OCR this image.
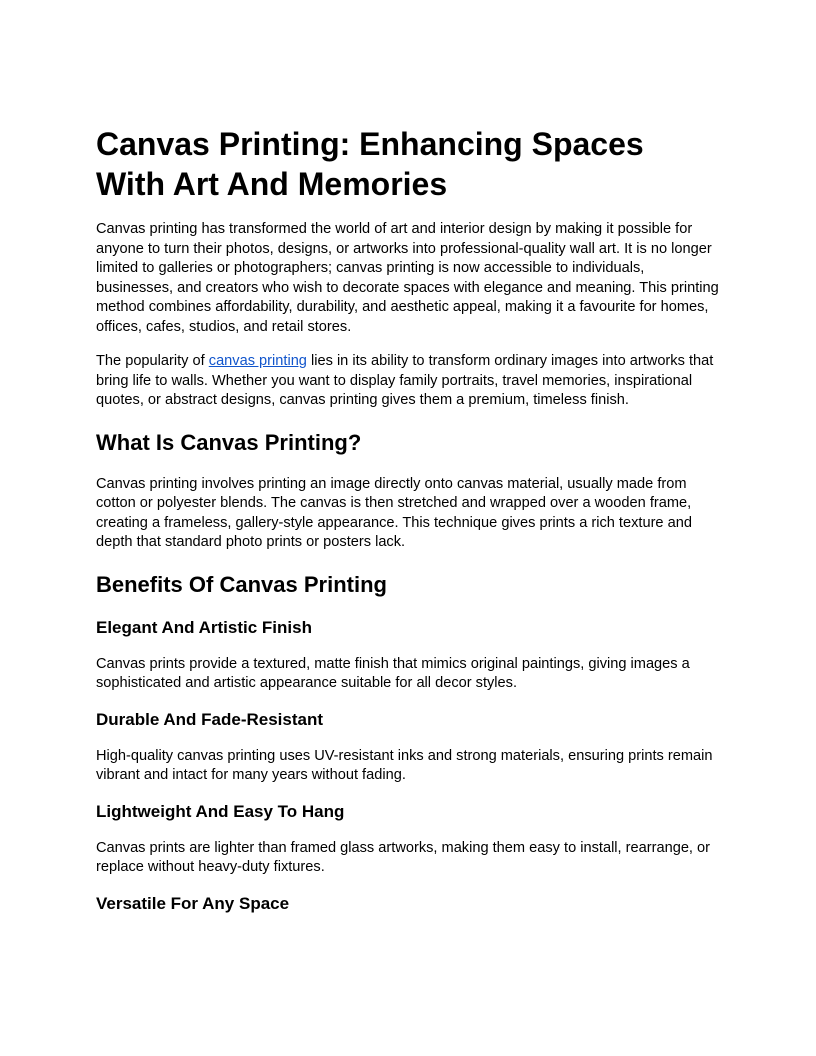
Canvas Printing: Enhancing Spaces With Art And Memories

Canvas printing has transformed the world of art and interior design by making it possible for anyone to turn their photos, designs, or artworks into professional-quality wall art. It is no longer limited to galleries or photographers; canvas printing is now accessible to individuals, businesses, and creators who wish to decorate spaces with elegance and meaning. This printing method combines affordability, durability, and aesthetic appeal, making it a favourite for homes, offices, cafes, studios, and retail stores.

The popularity of canvas printing lies in its ability to transform ordinary images into artworks that bring life to walls. Whether you want to display family portraits, travel memories, inspirational quotes, or abstract designs, canvas printing gives them a premium, timeless finish.

What Is Canvas Printing?

Canvas printing involves printing an image directly onto canvas material, usually made from cotton or polyester blends. The canvas is then stretched and wrapped over a wooden frame, creating a frameless, gallery-style appearance. This technique gives prints a rich texture and depth that standard photo prints or posters lack.

Benefits Of Canvas Printing
Elegant And Artistic Finish

Canvas prints provide a textured, matte finish that mimics original paintings, giving images a sophisticated and artistic appearance suitable for all decor styles.

Durable And Fade-Resistant

High-quality canvas printing uses UV-resistant inks and strong materials, ensuring prints remain vibrant and intact for many years without fading.

Lightweight And Easy To Hang

Canvas prints are lighter than framed glass artworks, making them easy to install, rearrange, or replace without heavy-duty fixtures.

Versatile For Any Space
